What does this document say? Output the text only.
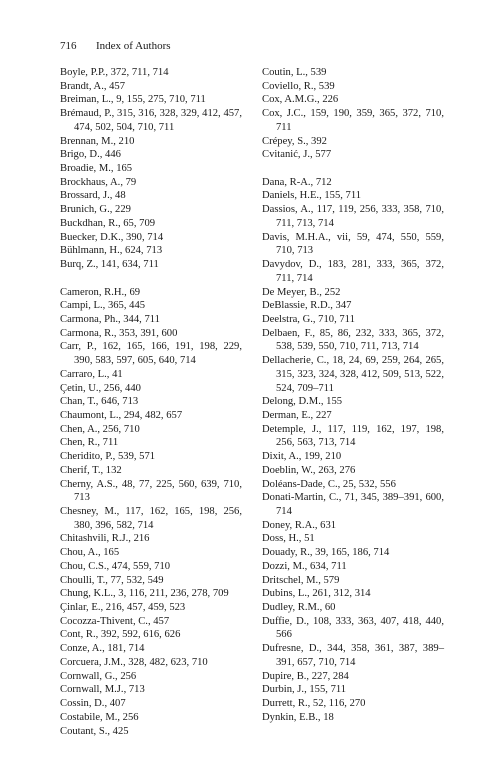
716 Index of Authors
Boyle, P.P., 372, 711, 714
Brandt, A., 457
Breiman, L., 9, 155, 275, 710, 711
Brémaud, P., 315, 316, 328, 329, 412, 457, 474, 502, 504, 710, 711
Brennan, M., 210
Brigo, D., 446
Broadie, M., 165
Brockhaus, A., 79
Brossard, J., 48
Brunich, G., 229
Buckdhan, R., 65, 709
Buecker, D.K., 390, 714
Bühlmann, H., 624, 713
Burq, Z., 141, 634, 711
Cameron, R.H., 69
Campi, L., 365, 445
Carmona, Ph., 344, 711
Carmona, R., 353, 391, 600
Carr, P., 162, 165, 166, 191, 198, 229, 390, 583, 597, 605, 640, 714
Carraro, L., 41
Çetin, U., 256, 440
Chan, T., 646, 713
Chaumont, L., 294, 482, 657
Chen, A., 256, 710
Chen, R., 711
Cheridito, P., 539, 571
Cherif, T., 132
Cherny, A.S., 48, 77, 225, 560, 639, 710, 713
Chesney, M., 117, 162, 165, 198, 256, 380, 396, 582, 714
Chitashvili, R.J., 216
Chou, A., 165
Chou, C.S., 474, 559, 710
Choulli, T., 77, 532, 549
Chung, K.L., 3, 116, 211, 236, 278, 709
Çinlar, E., 216, 457, 459, 523
Cocozza-Thivent, C., 457
Cont, R., 392, 592, 616, 626
Conze, A., 181, 714
Corcuera, J.M., 328, 482, 623, 710
Cornwall, G., 256
Cornwall, M.J., 713
Cossin, D., 407
Costabile, M., 256
Coutant, S., 425
Coutin, L., 539
Coviello, R., 539
Cox, A.M.G., 226
Cox, J.C., 159, 190, 359, 365, 372, 710, 711
Crépey, S., 392
Cvitanić, J., 577
Dana, R-A., 712
Daniels, H.E., 155, 711
Dassios, A., 117, 119, 256, 333, 358, 710, 711, 713, 714
Davis, M.H.A., vii, 59, 474, 550, 559, 710, 713
Davydov, D., 183, 281, 333, 365, 372, 711, 714
De Meyer, B., 252
DeBlassie, R.D., 347
Deelstra, G., 710, 711
Delbaen, F., 85, 86, 232, 333, 365, 372, 538, 539, 550, 710, 711, 713, 714
Dellacherie, C., 18, 24, 69, 259, 264, 265, 315, 323, 324, 328, 412, 509, 513, 522, 524, 709–711
Delong, D.M., 155
Derman, E., 227
Detemple, J., 117, 119, 162, 197, 198, 256, 563, 713, 714
Dixit, A., 199, 210
Doeblin, W., 263, 276
Doléans-Dade, C., 25, 532, 556
Donati-Martin, C., 71, 345, 389–391, 600, 714
Doney, R.A., 631
Doss, H., 51
Douady, R., 39, 165, 186, 714
Dozzi, M., 634, 711
Dritschel, M., 579
Dubins, L., 261, 312, 314
Dudley, R.M., 60
Duffie, D., 108, 333, 363, 407, 418, 440, 566
Dufresne, D., 344, 358, 361, 387, 389–391, 657, 710, 714
Dupire, B., 227, 284
Durbin, J., 155, 711
Durrett, R., 52, 116, 270
Dynkin, E.B., 18
